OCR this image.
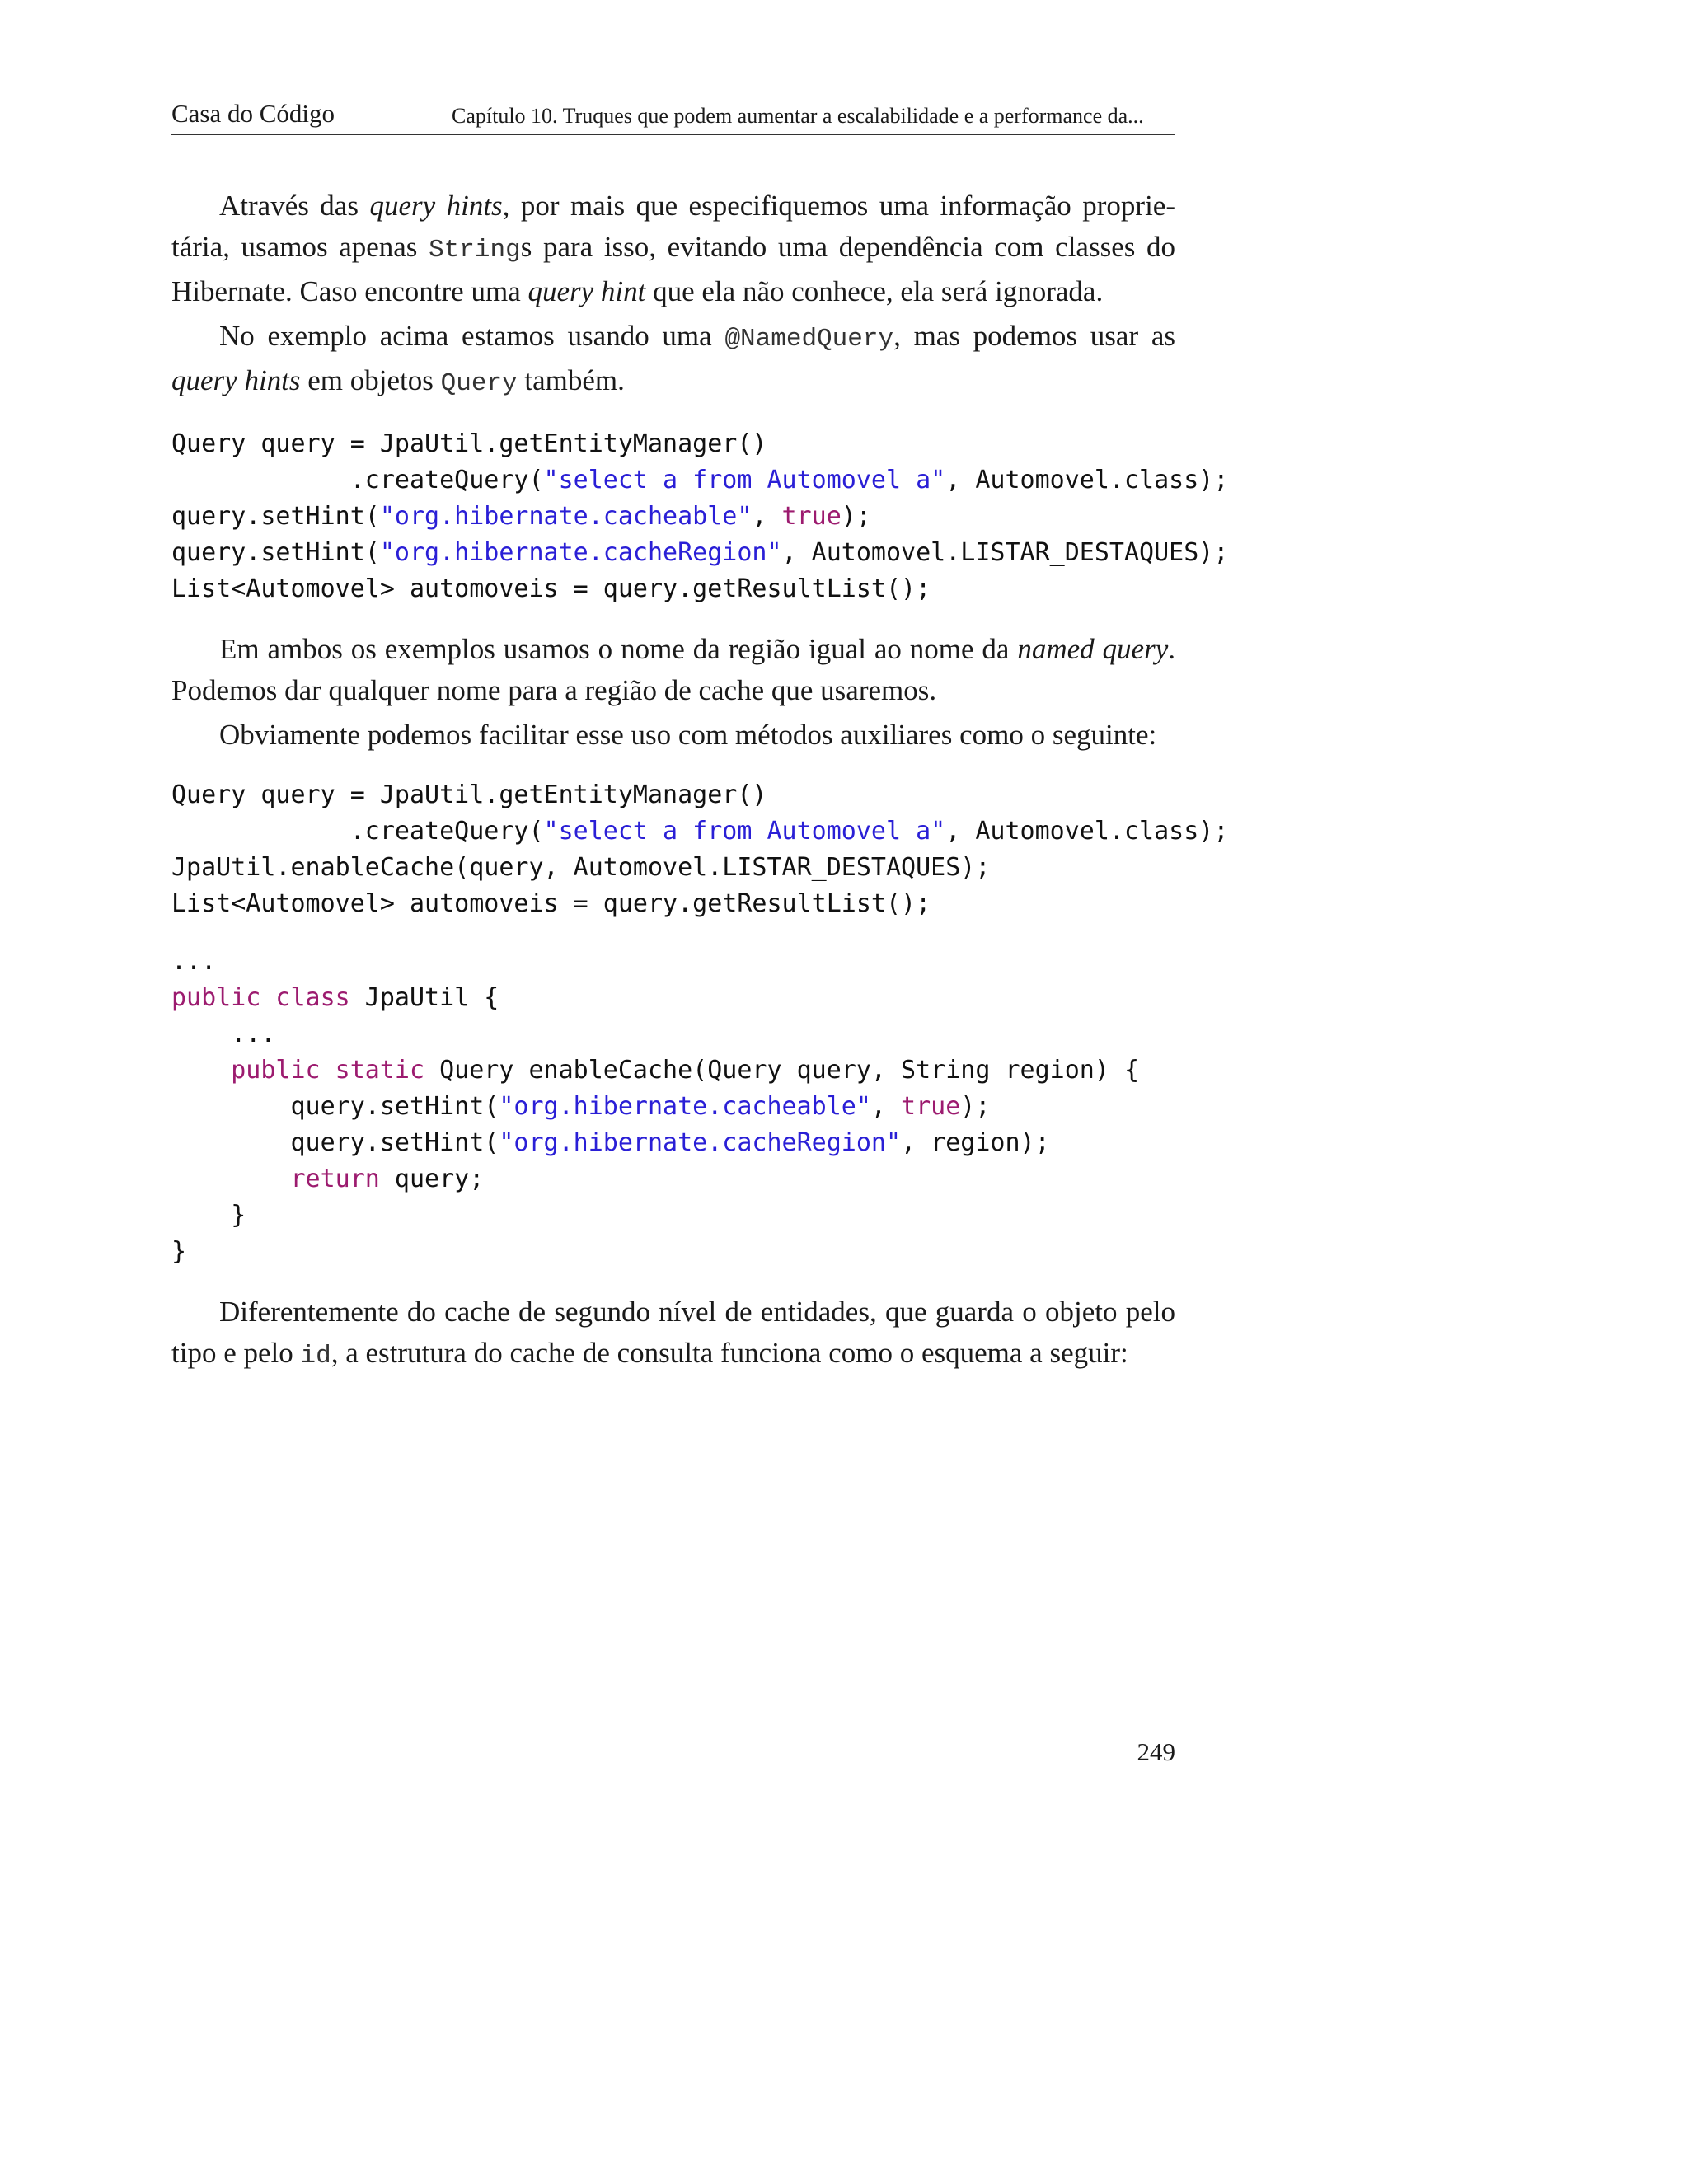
Casa do Código	Capítulo 10. Truques que podem aumentar a escalabilidade e a performance da...

Através das query hints, por mais que especifiquemos uma informação proprie-tária, usamos apenas Strings para isso, evitando uma dependência com classes do Hibernate. Caso encontre uma query hint que ela não conhece, ela será ignorada.

No exemplo acima estamos usando uma @NamedQuery, mas podemos usar as query hints em objetos Query também.

Query query = JpaUtil.getEntityManager()
.createQuery("select a from Automovel a", Automovel.class);
query.setHint("org.hibernate.cacheable", true);
query.setHint("org.hibernate.cacheRegion", Automovel.LISTAR_DESTAQUES);
List<Automovel> automoveis = query.getResultList();

Em ambos os exemplos usamos o nome da região igual ao nome da named query. Podemos dar qualquer nome para a região de cache que usaremos.

Obviamente podemos facilitar esse uso com métodos auxiliares como o seguinte:

Query query = JpaUtil.getEntityManager()
.createQuery("select a from Automovel a", Automovel.class);
JpaUtil.enableCache(query, Automovel.LISTAR_DESTAQUES);
List<Automovel> automoveis = query.getResultList();
...
public class JpaUtil {
...
public static Query enableCache(Query query, String region) {
query.setHint("org.hibernate.cacheable", true);
query.setHint("org.hibernate.cacheRegion", region);
return query;
}
}

Diferentemente do cache de segundo nível de entidades, que guarda o objeto pelo tipo e pelo id, a estrutura do cache de consulta funciona como o esquema a seguir:

249
